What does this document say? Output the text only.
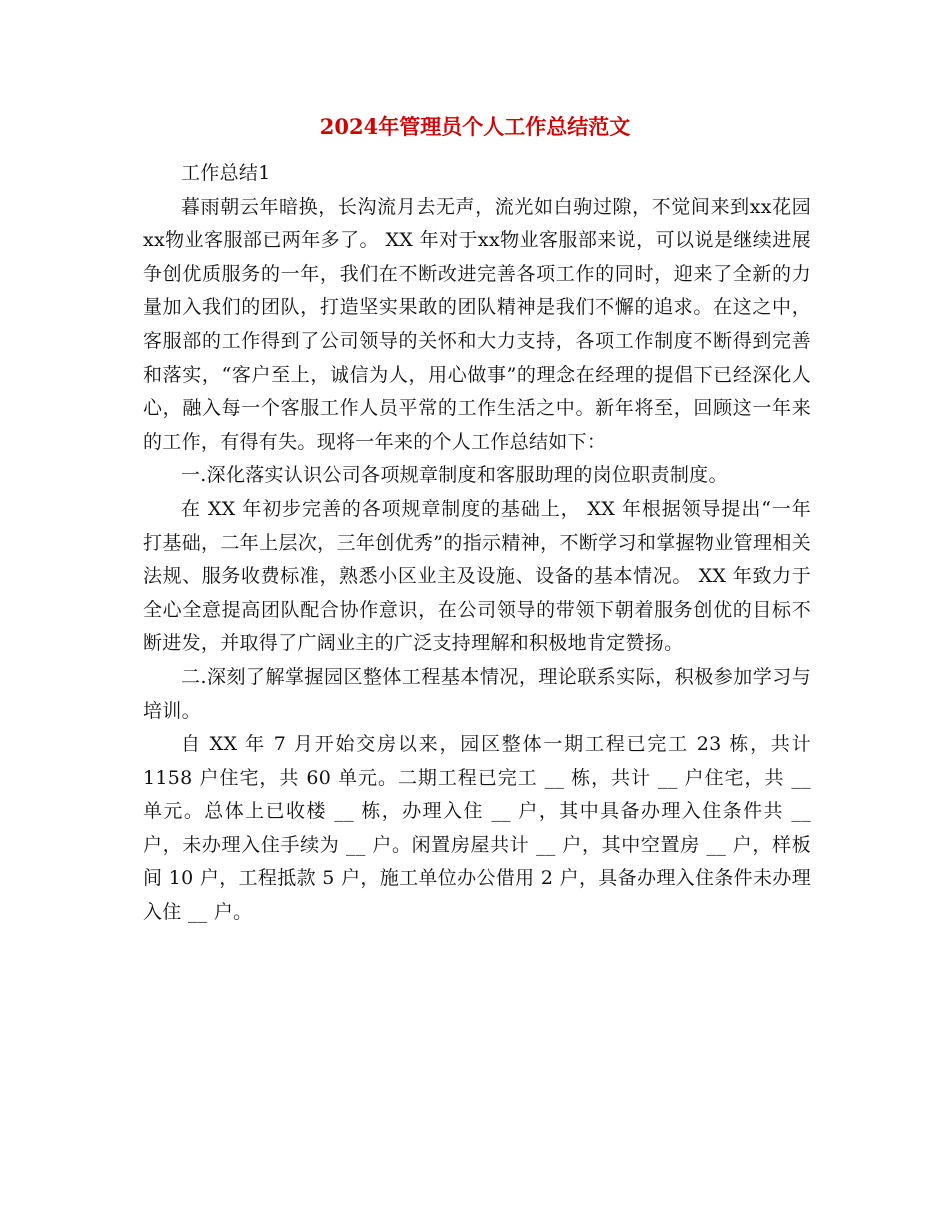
2024年管理员个人工作总结范文

工作总结1

暮雨朝云年暗换，长沟流月去无声，流光如白驹过隙，不觉间来到xx花园xx物业客服部已两年多了。 XX 年对于xx物业客服部来说，可以说是继续进展争创优质服务的一年，我们在不断改进完善各项工作的同时，迎来了全新的力量加入我们的团队，打造坚实果敢的团队精神是我们不懈的追求。在这之中，客服部的工作得到了公司领导的关怀和大力支持，各项工作制度不断得到完善和落实，“客户至上，诚信为人，用心做事”的理念在经理的提倡下已经深化人心，融入每一个客服工作人员平常的工作生活之中。新年将至，回顾这一年来的工作，有得有失。现将一年来的个人工作总结如下：

一.深化落实认识公司各项规章制度和客服助理的岗位职责制度。

在 XX 年初步完善的各项规章制度的基础上， XX 年根据领导提出“一年打基础，二年上层次，三年创优秀”的指示精神，不断学习和掌握物业管理相关法规、服务收费标准，熟悉小区业主及设施、设备的基本情况。 XX 年致力于全心全意提高团队配合协作意识，在公司领导的带领下朝着服务创优的目标不断进发，并取得了广阔业主的广泛支持理解和积极地肯定赞扬。

二.深刻了解掌握园区整体工程基本情况，理论联系实际，积极参加学习与培训。

自 XX 年 7 月开始交房以来，园区整体一期工程已完工 23 栋，共计 1158 户住宅，共 60 单元。二期工程已完工 __ 栋，共计 __ 户住宅，共 __ 单元。总体上已收楼 __ 栋，办理入住 __ 户，其中具备办理入住条件共 __ 户，未办理入住手续为 __ 户。闲置房屋共计 __ 户，其中空置房 __ 户，样板间 10 户，工程抵款 5 户，施工单位办公借用 2 户，具备办理入住条件未办理入住 __ 户。
